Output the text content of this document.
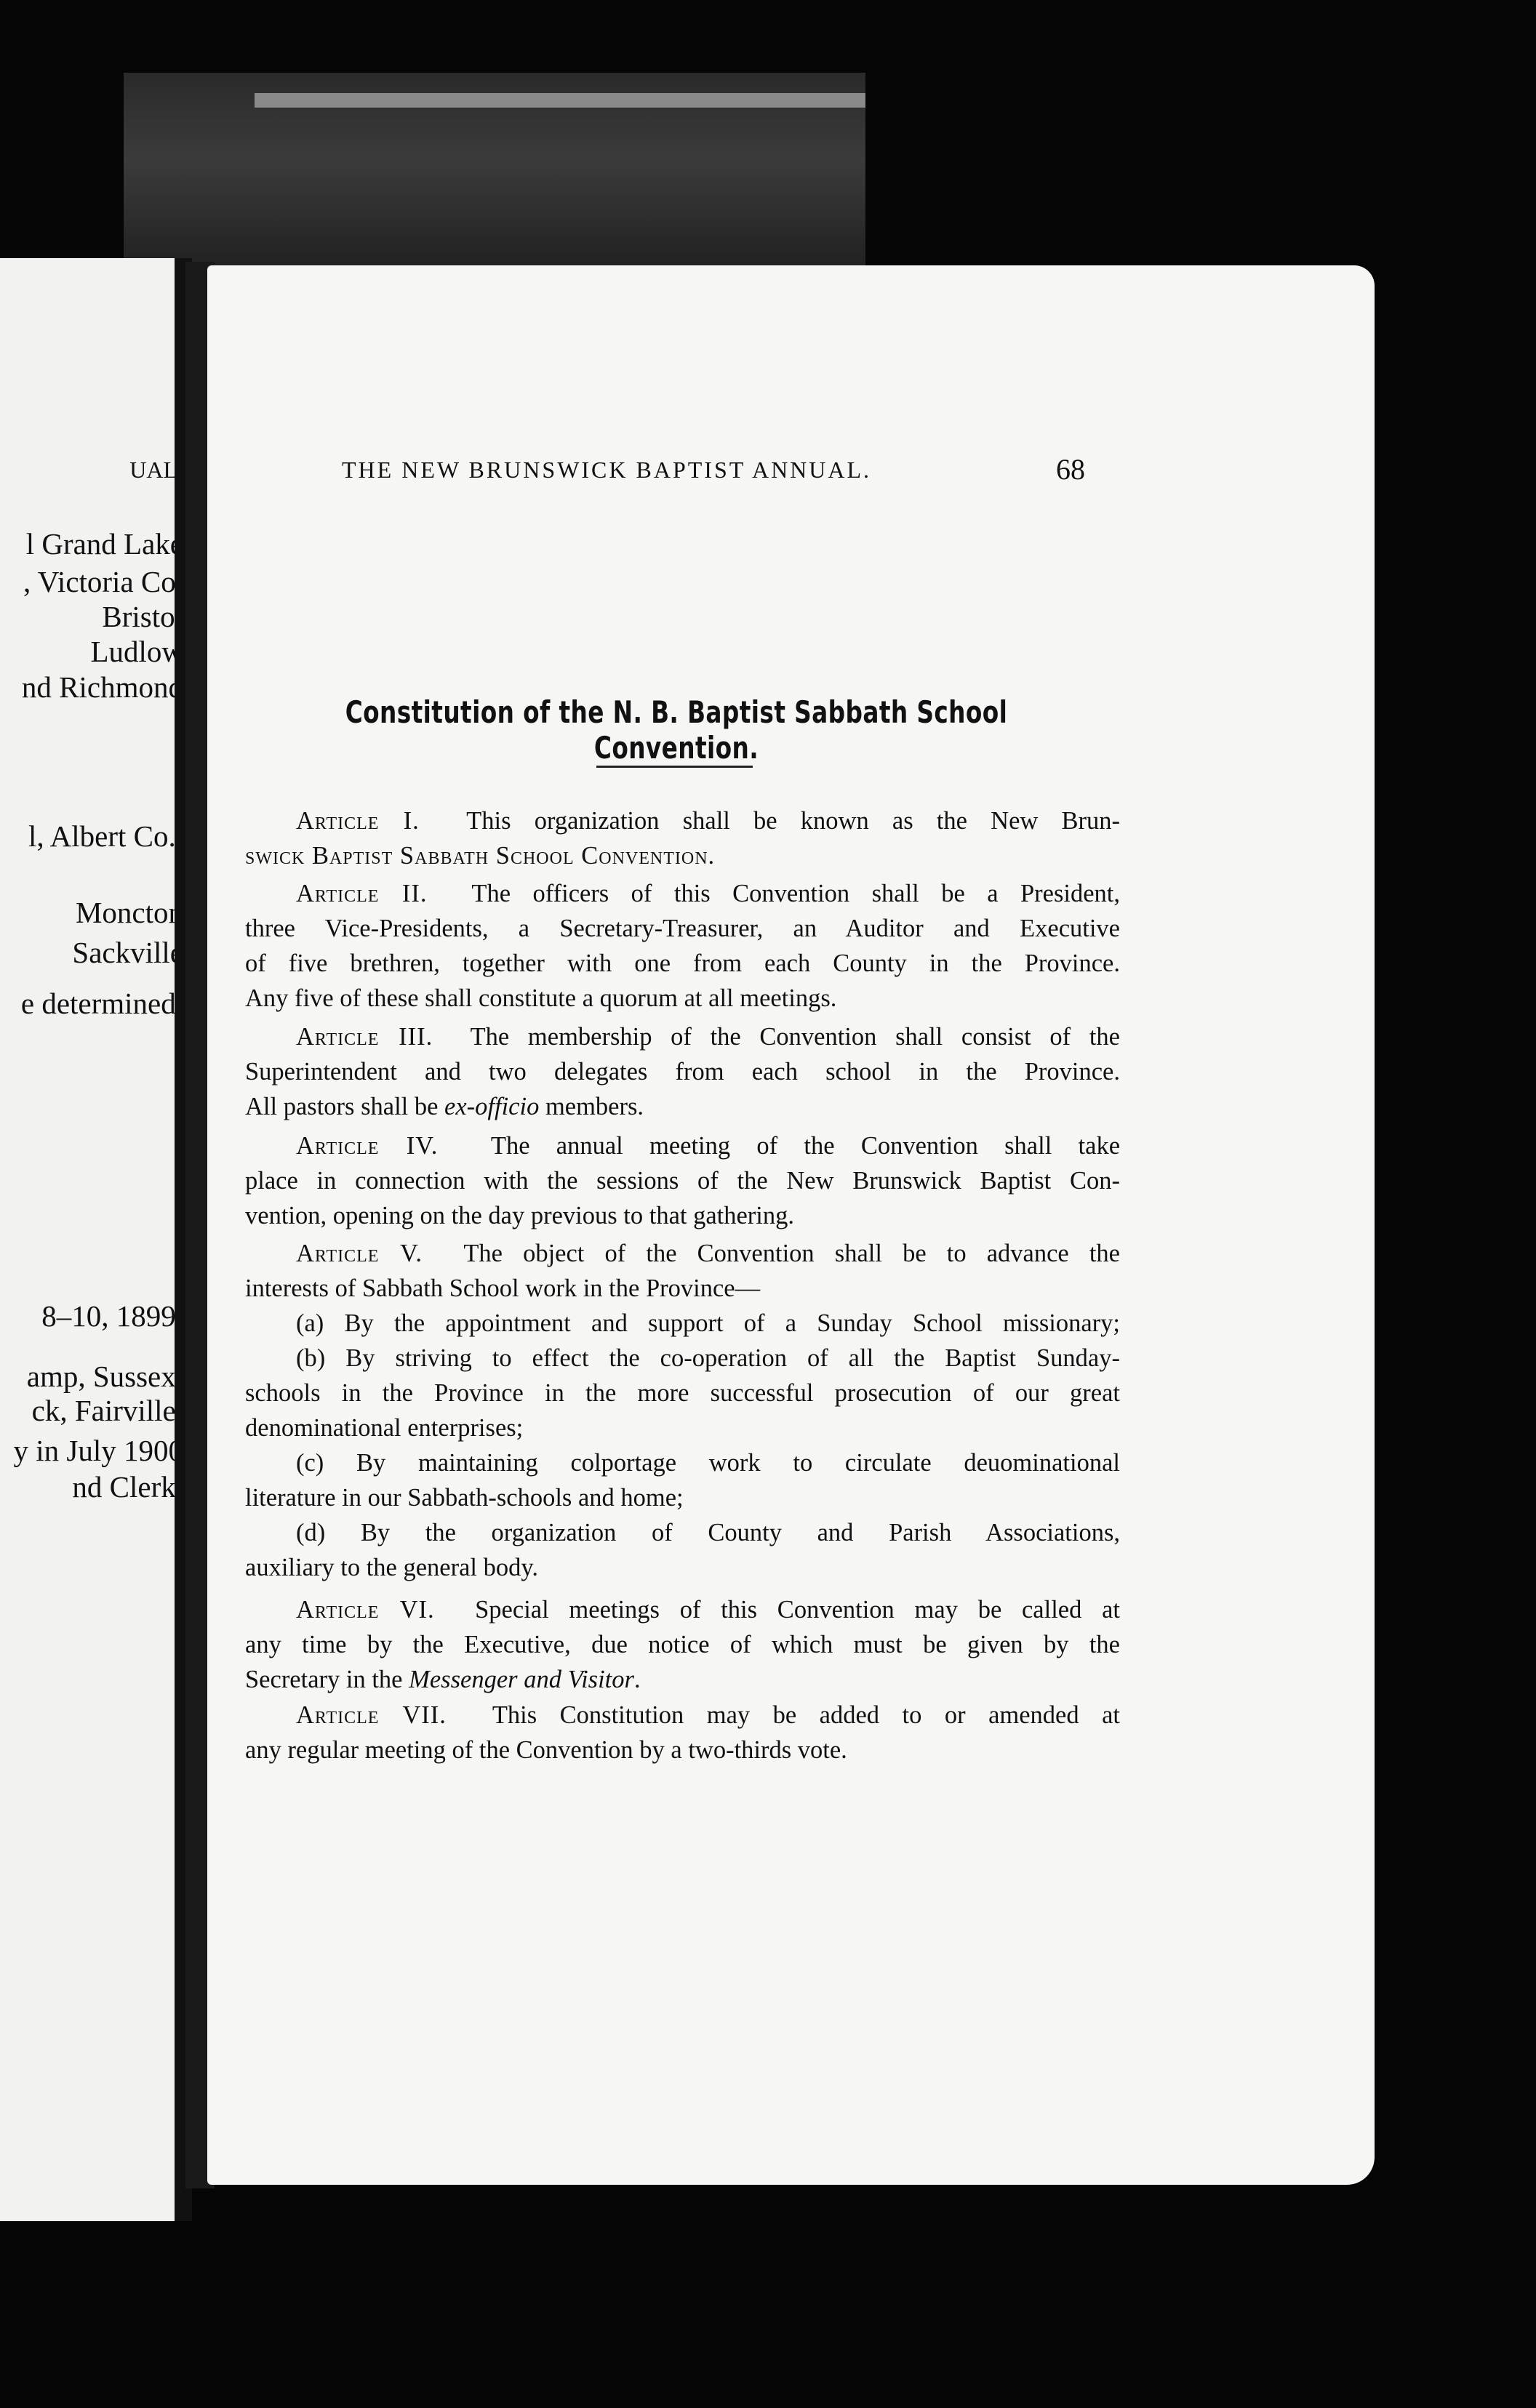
UAL.
l Grand Lake
, Victoria Co.
Bristol
Ludlow
nd Richmond
l, Albert Co.,
Moncton
Sackville
e determined,
8–10, 1899.
amp, Sussex.
ck, Fairville.
y in July 1900
nd Clerk.
THE NEW BRUNSWICK BAPTIST ANNUAL.	68
Constitution of the N. B. Baptist Sabbath School Convention.
Article I. This organization shall be known as the New Brun-
swick Baptist Sabbath School Convention.
Article II. The officers of this Convention shall be a President,
three Vice-Presidents, a Secretary-Treasurer, an Auditor and Executive
of five brethren, together with one from each County in the Province.
Any five of these shall constitute a quorum at all meetings.
Article III. The membership of the Convention shall consist of the
Superintendent and two delegates from each school in the Province.
All pastors shall be ex-officio members.
Article IV. The annual meeting of the Convention shall take
place in connection with the sessions of the New Brunswick Baptist Con-
vention, opening on the day previous to that gathering.
Article V. The object of the Convention shall be to advance the
interests of Sabbath School work in the Province—
(a) By the appointment and support of a Sunday School missionary;
(b) By striving to effect the co-operation of all the Baptist Sunday-
schools in the Province in the more successful prosecution of our great
denominational enterprises;
(c) By maintaining colportage work to circulate deuominational
literature in our Sabbath-schools and home;
(d) By the organization of County and Parish Associations,
auxiliary to the general body.
Article VI. Special meetings of this Convention may be called at
any time by the Executive, due notice of which must be given by the
Secretary in the Messenger and Visitor.
Article VII. This Constitution may be added to or amended at
any regular meeting of the Convention by a two-thirds vote.
